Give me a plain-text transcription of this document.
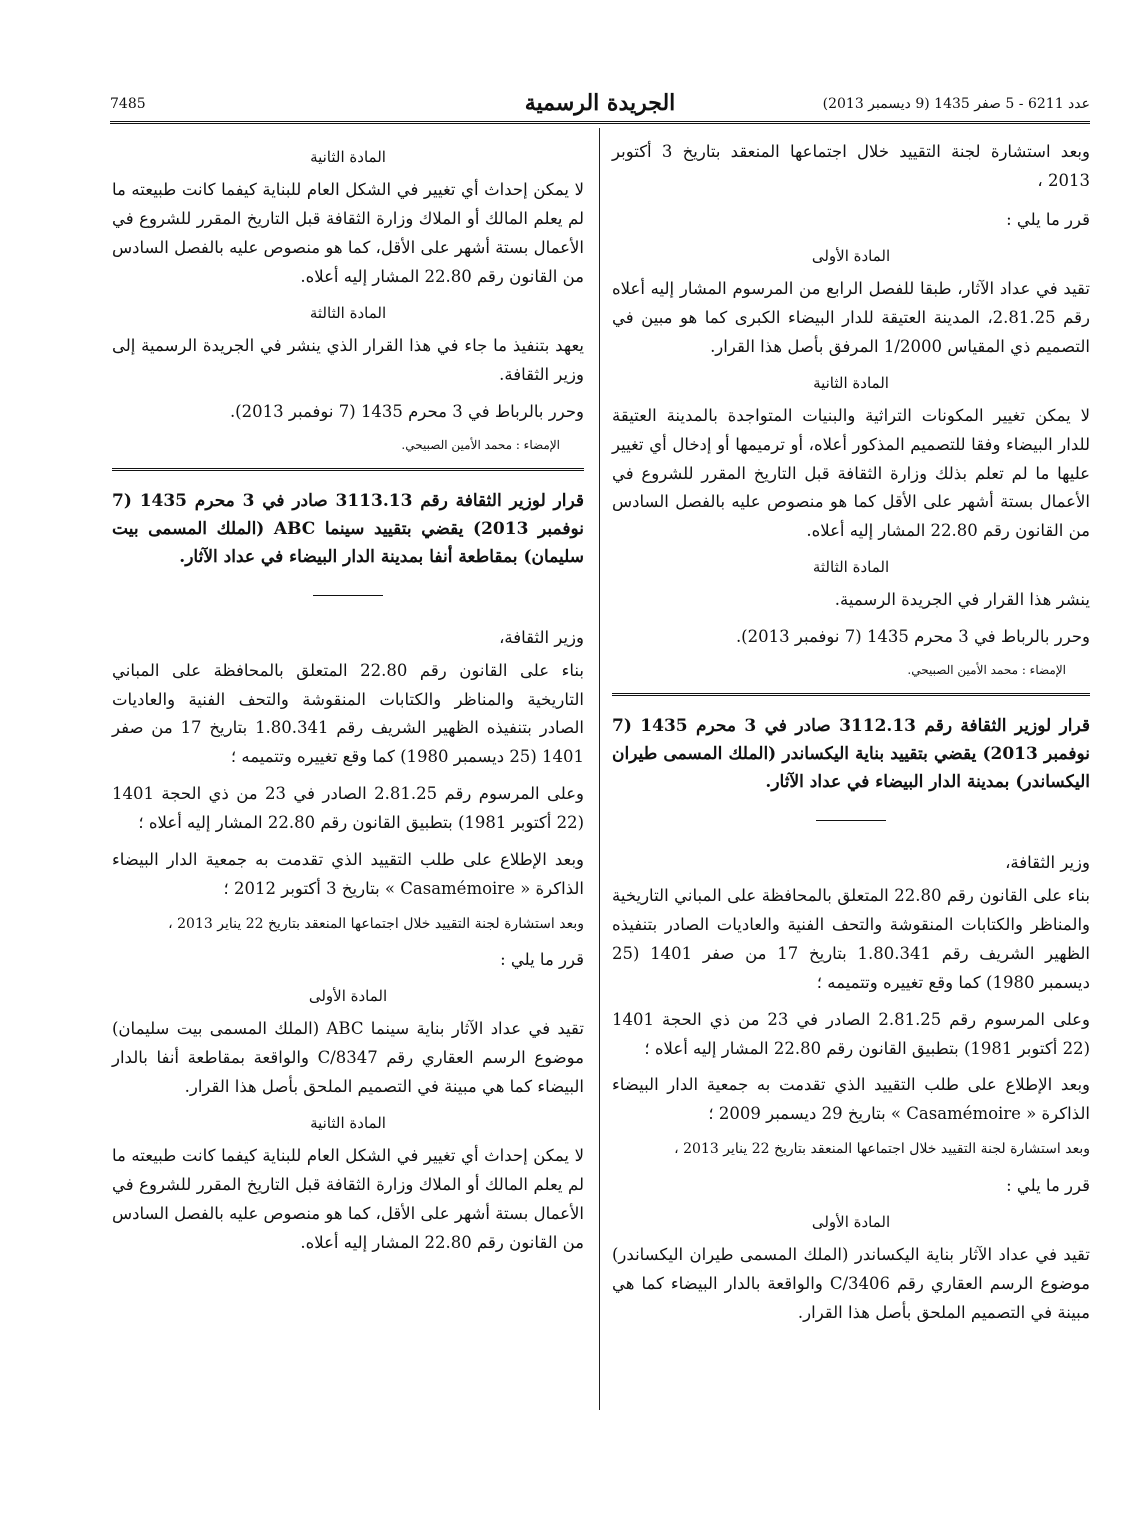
7485	الجريدة الرسمية	عدد 6211 - 5 صفر 1435 (9 ديسمبر 2013)

وبعد استشارة لجنة التقييد خلال اجتماعها المنعقد بتاريخ 3 أكتوبر 2013 ،

قرر ما يلي :

المادة الأولى

تقيد في عداد الآثار، طبقا للفصل الرابع من المرسوم المشار إليه أعلاه رقم 2.81.25، المدينة العتيقة للدار البيضاء الكبرى كما هو مبين في التصميم ذي المقياس 1/2000 المرفق بأصل هذا القرار.

المادة الثانية

لا يمكن تغيير المكونات التراثية والبنيات المتواجدة بالمدينة العتيقة للدار البيضاء وفقا للتصميم المذكور أعلاه، أو ترميمها أو إدخال أي تغيير عليها ما لم تعلم بذلك وزارة الثقافة قبل التاريخ المقرر للشروع في الأعمال بستة أشهر على الأقل كما هو منصوص عليه بالفصل السادس من القانون رقم 22.80 المشار إليه أعلاه.

المادة الثالثة

ينشر هذا القرار في الجريدة الرسمية.

وحرر بالرباط في 3 محرم 1435 (7 نوفمبر 2013).

الإمضاء : محمد الأمين الصبيحي.

قرار لوزير الثقافة رقم 3112.13 صادر في 3 محرم 1435 (7 نوفمبر 2013) يقضي بتقييد بناية اليكساندر (الملك المسمى طيران اليكساندر) بمدينة الدار البيضاء في عداد الآثار.

وزير الثقافة،

بناء على القانون رقم 22.80 المتعلق بالمحافظة على المباني التاريخية والمناظر والكتابات المنقوشة والتحف الفنية والعاديات الصادر بتنفيذه الظهير الشريف رقم 1.80.341 بتاريخ 17 من صفر 1401 (25 ديسمبر 1980) كما وقع تغييره وتتميمه ؛

وعلى المرسوم رقم 2.81.25 الصادر في 23 من ذي الحجة 1401 (22 أكتوبر 1981) بتطبيق القانون رقم 22.80 المشار إليه أعلاه ؛

وبعد الإطلاع على طلب التقييد الذي تقدمت به جمعية الدار البيضاء الذاكرة « Casamémoire » بتاريخ 29 ديسمبر 2009 ؛

وبعد استشارة لجنة التقييد خلال اجتماعها المنعقد بتاريخ 22 يناير 2013 ،

قرر ما يلي :

المادة الأولى

تقيد في عداد الآثار بناية اليكساندر (الملك المسمى طيران اليكساندر) موضوع الرسم العقاري رقم C/3406 والواقعة بالدار البيضاء كما هي مبينة في التصميم الملحق بأصل هذا القرار.

المادة الثانية

لا يمكن إحداث أي تغيير في الشكل العام للبناية كيفما كانت طبيعته ما لم يعلم المالك أو الملاك وزارة الثقافة قبل التاريخ المقرر للشروع في الأعمال بستة أشهر على الأقل، كما هو منصوص عليه بالفصل السادس من القانون رقم 22.80 المشار إليه أعلاه.

المادة الثالثة

يعهد بتنفيذ ما جاء في هذا القرار الذي ينشر في الجريدة الرسمية إلى وزير الثقافة.

وحرر بالرباط في 3 محرم 1435 (7 نوفمبر 2013).

الإمضاء : محمد الأمين الصبيحي.

قرار لوزير الثقافة رقم 3113.13 صادر في 3 محرم 1435 (7 نوفمبر 2013) يقضي بتقييد سينما ABC (الملك المسمى بيت سليمان) بمقاطعة أنفا بمدينة الدار البيضاء في عداد الآثار.

وزير الثقافة،

بناء على القانون رقم 22.80 المتعلق بالمحافظة على المباني التاريخية والمناظر والكتابات المنقوشة والتحف الفنية والعاديات الصادر بتنفيذه الظهير الشريف رقم 1.80.341 بتاريخ 17 من صفر 1401 (25 ديسمبر 1980) كما وقع تغييره وتتميمه ؛

وعلى المرسوم رقم 2.81.25 الصادر في 23 من ذي الحجة 1401 (22 أكتوبر 1981) بتطبيق القانون رقم 22.80 المشار إليه أعلاه ؛

وبعد الإطلاع على طلب التقييد الذي تقدمت به جمعية الدار البيضاء الذاكرة « Casamémoire » بتاريخ 3 أكتوبر 2012 ؛

وبعد استشارة لجنة التقييد خلال اجتماعها المنعقد بتاريخ 22 يناير 2013 ،

قرر ما يلي :

المادة الأولى

تقيد في عداد الآثار بناية سينما ABC (الملك المسمى بيت سليمان) موضوع الرسم العقاري رقم C/8347 والواقعة بمقاطعة أنفا بالدار البيضاء كما هي مبينة في التصميم الملحق بأصل هذا القرار.

المادة الثانية

لا يمكن إحداث أي تغيير في الشكل العام للبناية كيفما كانت طبيعته ما لم يعلم المالك أو الملاك وزارة الثقافة قبل التاريخ المقرر للشروع في الأعمال بستة أشهر على الأقل، كما هو منصوص عليه بالفصل السادس من القانون رقم 22.80 المشار إليه أعلاه.
